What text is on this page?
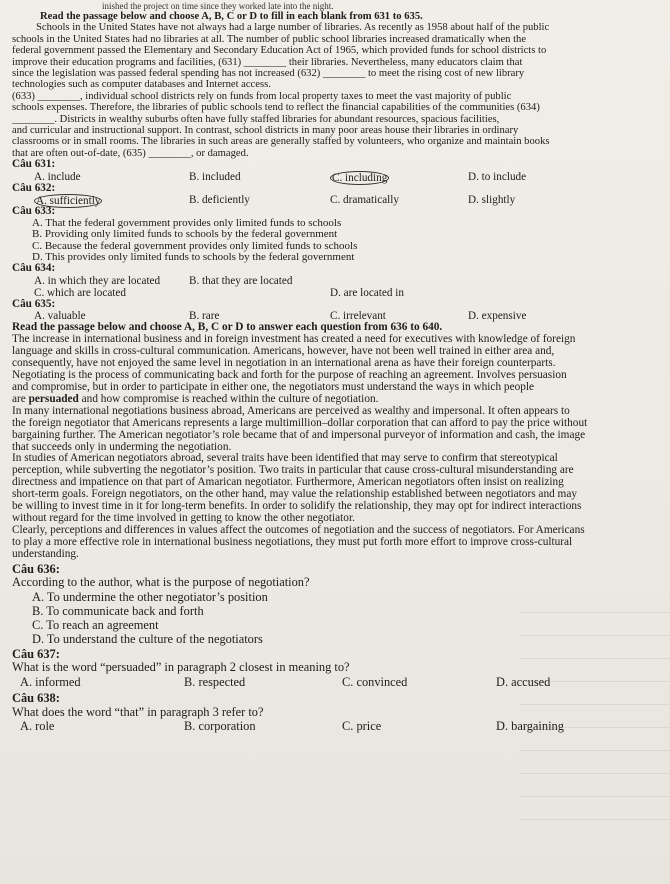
inished the project on time since they worked late into the night.
Read the passage below and choose A, B, C or D to fill in each blank from 631 to 635.
Schools in the United States have not always had a large number of libraries. As recently as 1958 about half of the public
schools in the United States had no libraries at all. The number of public school libraries increased dramatically when the
federal government passed the Elementary and Secondary Education Act of 1965, which provided funds for school districts to
improve their education programs and facilities, (631) ________ their libraries. Nevertheless, many educators claim that
since the legislation was passed federal spending has not increased (632) ________ to meet the rising cost of new library
technologies such as computer databases and Internet access.
(633) ________, individual school districts rely on funds from local property taxes to meet the vast majority of public
schools expenses. Therefore, the libraries of public schools tend to reflect the financial capabilities of the communities (634)
________. Districts in wealthy suburbs often have fully staffed libraries for abundant resources, spacious facilities,
and curricular and instructional support. In contrast, school districts in many poor areas house their libraries in ordinary
classrooms or in small rooms. The libraries in such areas are generally staffed by volunteers, who organize and maintain books
that are often out-of-date, (635) ________, or damaged.
Câu 631:
A. include	B. included	C. including	D. to include
Câu 632:
A. sufficiently	B. deficiently	C. dramatically	D. slightly
Câu 633:
A. That the federal government provides only limited funds to schools
B. Providing only limited funds to schools by the federal government
C. Because the federal government provides only limited funds to schools
D. This provides only limited funds to schools by the federal government
Câu 634:
A. in which they are located	B. that they are located
C. which are located	D. are located in
Câu 635:
A. valuable	B. rare	C. irrelevant	D. expensive
Read the passage below and choose A, B, C or D to answer each question from 636 to 640.
The increase in international business and in foreign investment has created a need for executives with knowledge of foreign
language and skills in cross-cultural communication. Americans, however, have not been well trained in either area and,
consequently, have not enjoyed the same level in negotiation in an international arena as have their foreign counterparts.
Negotiating is the process of communicating back and forth for the purpose of reaching an agreement. Involves persuasion
and compromise, but in order to participate in either one, the negotiators must understand the ways in which people
are persuaded and how compromise is reached within the culture of negotiation.
In many international negotiations business abroad, Americans are perceived as wealthy and impersonal. It often appears to
the foreign negotiator that Americans represents a large multimillion–dollar corporation that can afford to pay the price without
bargaining further. The American negotiator’s role became that of and impersonal purveyor of information and cash, the image
that succeeds only in underming the negotiation.
In studies of American negotiators abroad, several traits have been identified that may serve to confirm that stereotypical
perception, while subverting the negotiator’s position. Two traits in particular that cause cross-cultural misunderstanding are
directness and impatience on that part of Amarican negotiator. Furthermore, American negotiators often insist on realizing
short-term goals. Foreign negotiators, on the other hand, may value the relationship established between negotiators and may
be willing to invest time in it for long-term benefits. In order to solidify the relationship, they may opt for indirect interactions
without regard for the time involved in getting to know the other negotiator.
Clearly, perceptions and differences in values affect the outcomes of negotiation and the success of negotiators. For Americans
to play a more effective role in international business negotiations, they must put forth more effort to improve cross-cultural
understanding.
Câu 636:
According to the author, what is the purpose of negotiation?
A. To undermine the other negotiator’s position
B. To communicate back and forth
C. To reach an agreement
D. To understand the culture of the negotiators
Câu 637:
What is the word “persuaded” in paragraph 2 closest in meaning to?
A. informed	B. respected	C. convinced	D. accused
Câu 638:
What does the word “that” in paragraph 3 refer to?
A. role	B. corporation	C. price	D. bargaining
